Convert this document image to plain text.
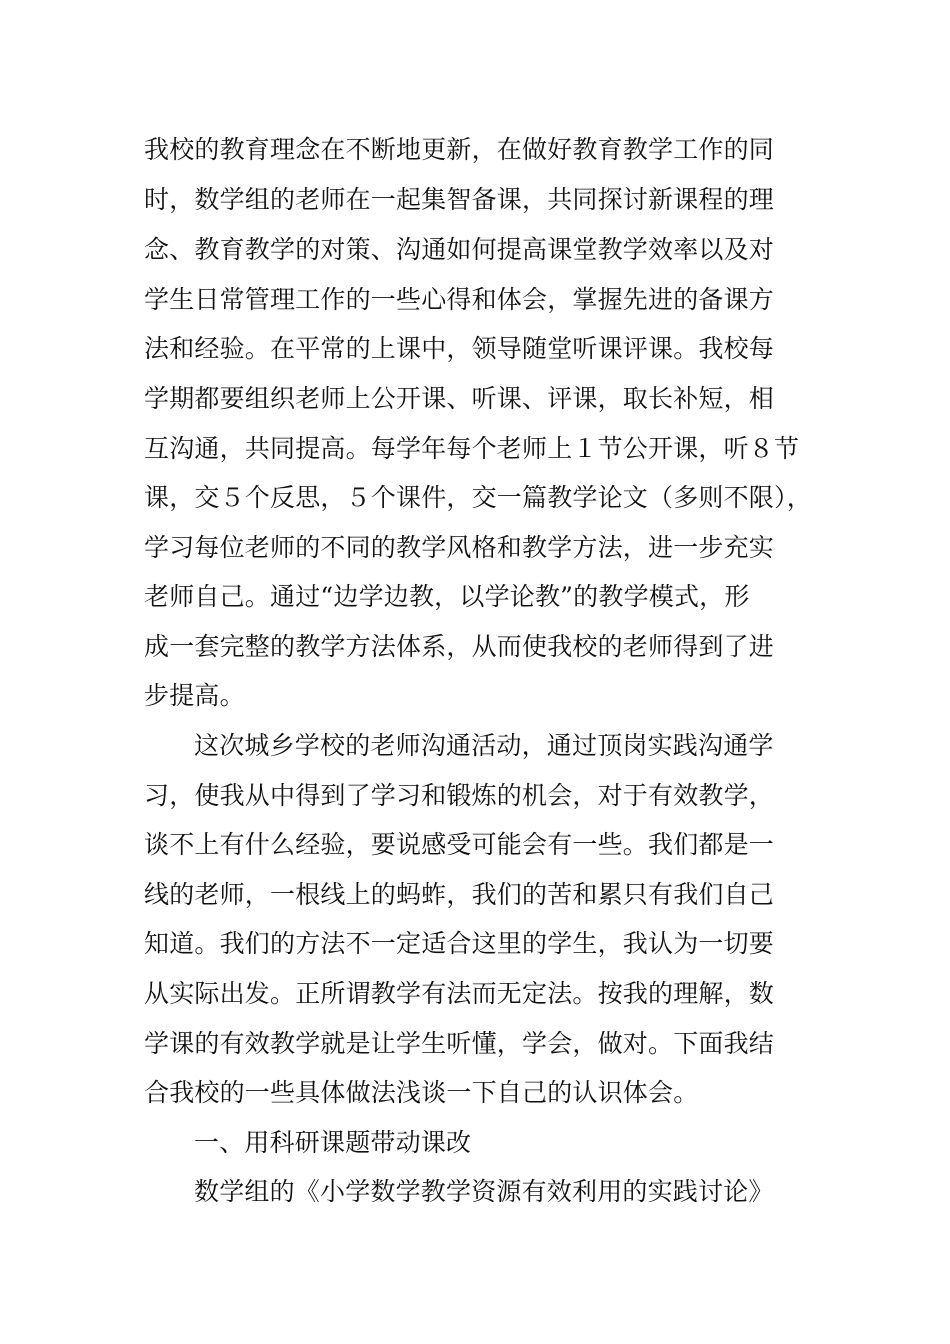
我校的教育理念在不断地更新，在做好教育教学工作的同
时，数学组的老师在一起集智备课，共同探讨新课程的理
念、教育教学的对策、沟通如何提高课堂教学效率以及对
学生日常管理工作的一些心得和体会，掌握先进的备课方
法和经验。在平常的上课中，领导随堂听课评课。我校每
学期都要组织老师上公开课、听课、评课，取长补短，相
互沟通，共同提高。每学年每个老师上１节公开课，听８节
课，交５个反思，５个课件，交一篇教学论文（多则不限），
学习每位老师的不同的教学风格和教学方法，进一步充实
老师自己。通过“边学边教，以学论教”的教学模式，形
成一套完整的教学方法体系，从而使我校的老师得到了进
步提高。
这次城乡学校的老师沟通活动，通过顶岗实践沟通学
习，使我从中得到了学习和锻炼的机会，对于有效教学，
谈不上有什么经验，要说感受可能会有一些。我们都是一
线的老师，一根线上的蚂蚱，我们的苦和累只有我们自己
知道。我们的方法不一定适合这里的学生，我认为一切要
从实际出发。正所谓教学有法而无定法。按我的理解，数
学课的有效教学就是让学生听懂，学会，做对。下面我结
合我校的一些具体做法浅谈一下自己的认识体会。
一、用科研课题带动课改
数学组的《小学数学教学资源有效利用的实践讨论》
